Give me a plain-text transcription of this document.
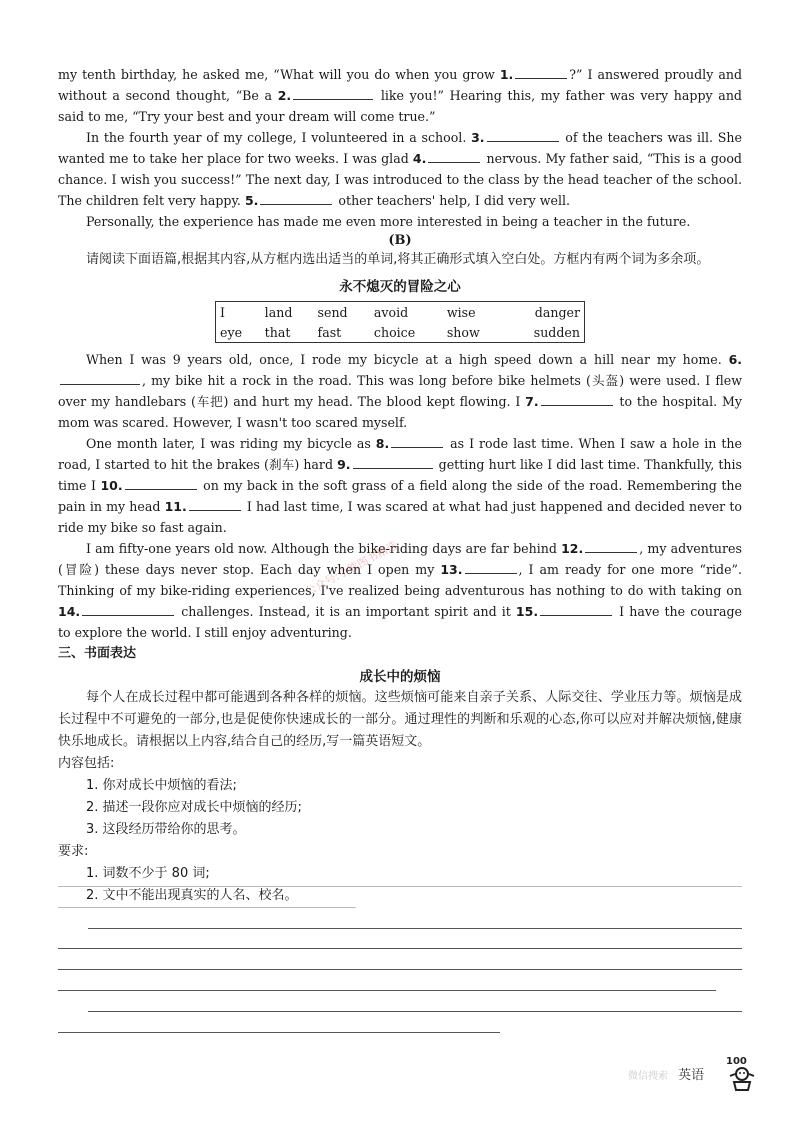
my tenth birthday, he asked me, “What will you do when you grow 1.	?” I answered proudly and without a second thought, “Be a 2.	like you!” Hearing this, my father was very happy and said to me, “Try your best and your dream will come true.”

In the fourth year of my college, I volunteered in a school. 3.	of the teachers was ill. She wanted me to take her place for two weeks. I was glad 4.	nervous. My father said, “This is a good chance. I wish you success!” The next day, I was introduced to the class by the head teacher of the school. The children felt very happy. 5.	other teachers' help, I did very well.

Personally, the experience has made me even more interested in being a teacher in the future.

(B)

请阅读下面语篇,根据其内容,从方框内选出适当的单词,将其正确形式填入空白处。方框内有两个词为多余项。

永不熄灭的冒险之心
I	land	send	avoid	wise	danger
eye	that	fast	choice	show	sudden

When I was 9 years old, once, I rode my bicycle at a high speed down a hill near my home. 6., my bike hit a rock in the road. This was long before bike helmets (头盔) were used. I flew over my handlebars (车把) and hurt my head. The blood kept flowing. I 7.	to the hospital. My mom was scared. However, I wasn't too scared myself.

One month later, I was riding my bicycle as 8.	as I rode last time. When I saw a hole in the road, I started to hit the brakes (刹车) hard 9.	getting hurt like I did last time. Thankfully, this time I 10.	on my back in the soft grass of a field along the side of the road. Remembering the pain in my head 11.	I had last time, I was scared at what had just happened and decided never to ride my bike so fast again.

I am fifty-one years old now. Although the bike-riding days are far behind 12.	, my adventures (冒险) these days never stop. Each day when I open my 13.	, I am ready for one more “ride”. Thinking of my bike-riding experiences, I've realized being adventurous has nothing to do with taking on 14.	challenges. Instead, it is an important spirit and it 15.	I have the courage to explore the world. I still enjoy adventuring.

三、书面表达
成长中的烦恼

每个人在成长过程中都可能遇到各种各样的烦恼。这些烦恼可能来自亲子关系、人际交往、学业压力等。烦恼是成长过程中不可避免的一部分,也是促使你快速成长的一部分。通过理性的判断和乐观的心态,你可以应对并解决烦恼,健康快乐地成长。请根据以上内容,结合自己的经历,写一篇英语短文。

内容包括:

1. 你对成长中烦恼的看法;

2. 描述一段你应对成长中烦恼的经历;

3. 这段经历带给你的思考。

要求:

1. 词数不少于 80 词;

2. 文中不能出现真实的人名、校名。

公众号:小熊图书精选
微信搜索 英语
100
